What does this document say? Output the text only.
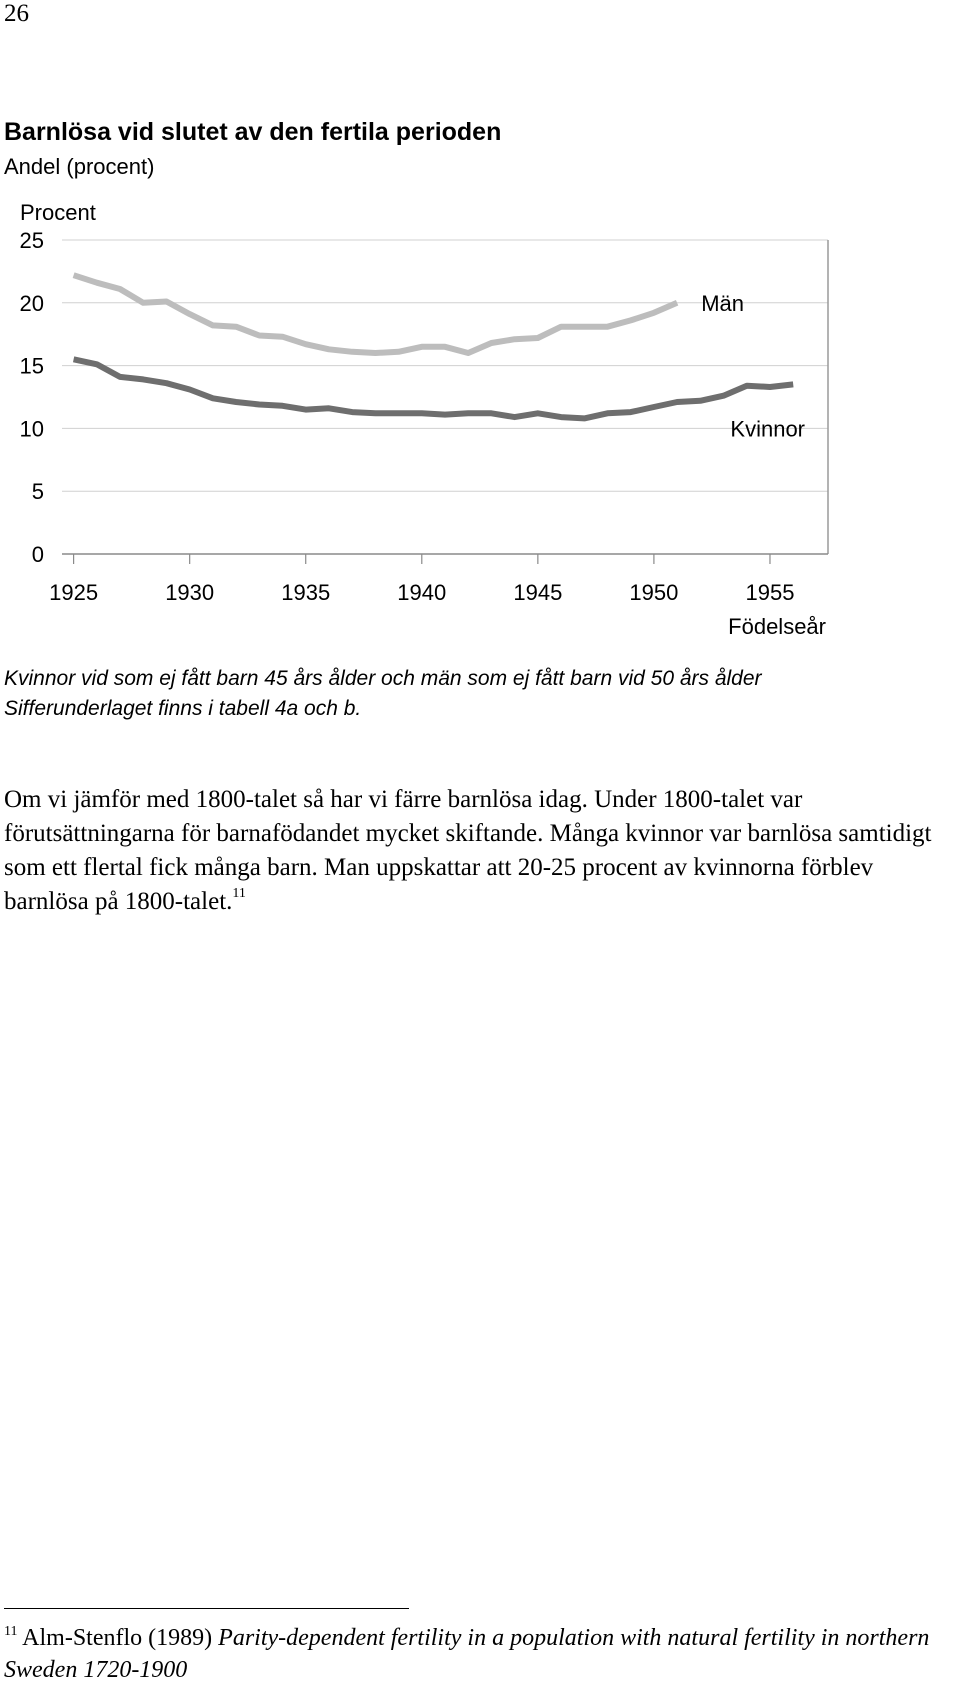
26
Barnlösa vid slutet av den fertila perioden
Andel (procent)
Procent
Födelseår
0
5
10
15
20
25
1925	1930	1935	1940	1945	1950	1955
Män
Kvinnor
Kvinnor vid som ej fått barn 45 års ålder och män som ej fått barn vid 50 års ålder
Sifferunderlaget finns i tabell 4a och b.
Om vi jämför med 1800-talet så har vi färre barnlösa idag. Under 1800-talet var förutsättningarna för barnafödandet mycket skiftande. Många kvinnor var barnlösa samtidigt som ett flertal fick många barn. Man uppskattar att 20-25 procent av kvinnorna förblev barnlösa på 1800-talet.$^{11}$
$^{11}$ Alm-Stenflo (1989) Parity-dependent fertility in a population with natural fertility in northern Sweden 1720-1900
